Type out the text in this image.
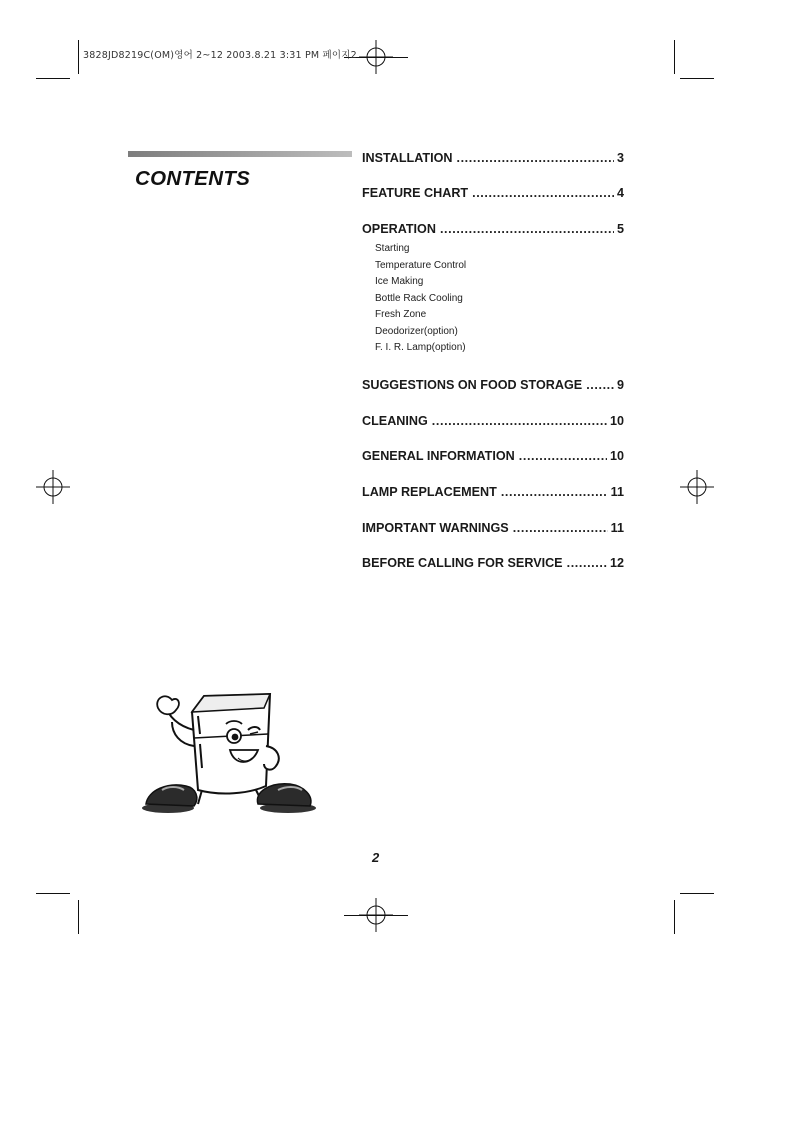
3828JD8219C(OM)영어 2~12 2003.8.21 3:31 PM 페이지2
CONTENTS
INSTALLATION .....	3
FEATURE CHART .....	4
OPERATION .....	5
Starting
Temperature Control
Ice Making
Bottle Rack Cooling
Fresh Zone
Deodorizer(option)
F. I. R. Lamp(option)
SUGGESTIONS ON FOOD STORAGE .....	9
CLEANING .....	10
GENERAL INFORMATION .....	10
LAMP REPLACEMENT .....	11
IMPORTANT WARNINGS .....	11
BEFORE CALLING FOR SERVICE .....	12
2
